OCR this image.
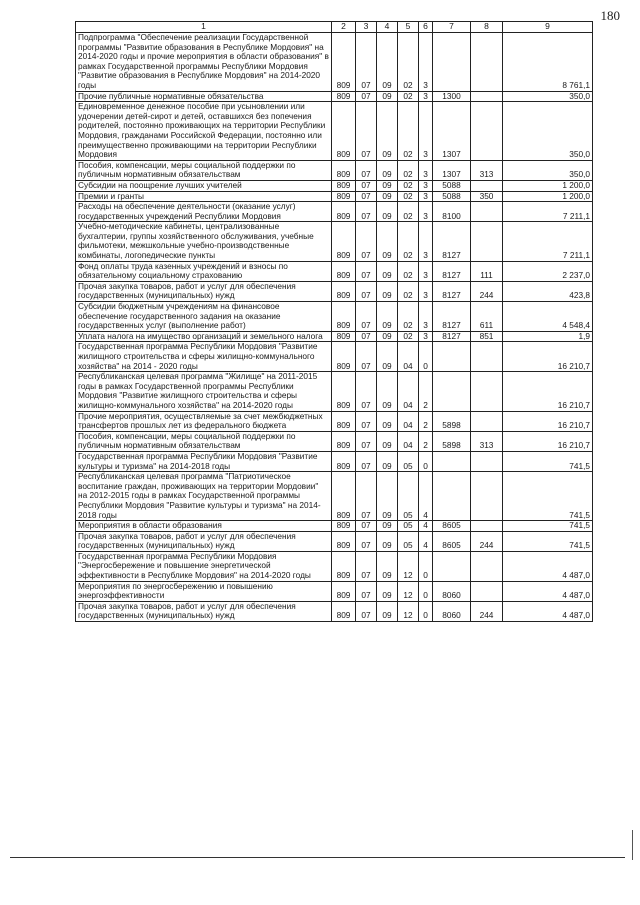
180
1	2	3	4	5	6	7	8	9
Подпрограмма "Обеспечение реализации Государственной программы "Развитие образования в Республике Мордовия" на 2014-2020 годы и прочие мероприятия в области образования" в рамках Государственной программы Республики Мордовия "Развитие образования в Республике Мордовия" на 2014-2020 годы	809	07	09	02	3			8 761,1
Прочие публичные нормативные обязательства	809	07	09	02	3	1300		350,0
Единовременное денежное пособие при усыновлении или удочерении детей-сирот и детей, оставшихся без попечения родителей, постоянно проживающих на территории Республики Мордовия, гражданами Российской Федерации, постоянно или преимущественно проживающими на территории Республики Мордовия	809	07	09	02	3	1307		350,0
Пособия, компенсации, меры социальной поддержки по публичным нормативным обязательствам	809	07	09	02	3	1307	313	350,0
Субсидии на поощрение лучших учителей	809	07	09	02	3	5088		1 200,0
Премии и гранты	809	07	09	02	3	5088	350	1 200,0
Расходы на обеспечение деятельности (оказание услуг) государственных учреждений Республики Мордовия	809	07	09	02	3	8100		7 211,1
Учебно-методические кабинеты, централизованные бухгалтерии, группы хозяйственного обслуживания, учебные фильмотеки, межшкольные учебно-производственные комбинаты, логопедические пункты	809	07	09	02	3	8127		7 211,1
Фонд оплаты труда казенных учреждений и взносы по обязательному социальному страхованию	809	07	09	02	3	8127	111	2 237,0
Прочая закупка товаров, работ и услуг для обеспечения государственных (муниципальных) нужд	809	07	09	02	3	8127	244	423,8
Субсидии бюджетным учреждениям на финансовое обеспечение государственного задания на оказание государственных услуг (выполнение работ)	809	07	09	02	3	8127	611	4 548,4
Уплата налога на имущество организаций и земельного налога	809	07	09	02	3	8127	851	1,9
Государственная программа Республики Мордовия "Развитие жилищного строительства и сферы жилищно-коммунального хозяйства" на 2014 - 2020 годы	809	07	09	04	0			16 210,7
Республиканская целевая программа "Жилище" на 2011-2015 годы в рамках Государственной программы Республики Мордовия "Развитие жилищного строительства и сферы жилищно-коммунального хозяйства" на 2014-2020 годы	809	07	09	04	2			16 210,7
Прочие мероприятия, осуществляемые за счет межбюджетных трансфертов прошлых лет из федерального бюджета	809	07	09	04	2	5898		16 210,7
Пособия, компенсации, меры социальной поддержки по публичным нормативным обязательствам	809	07	09	04	2	5898	313	16 210,7
Государственная программа Республики Мордовия "Развитие культуры и туризма" на 2014-2018 годы	809	07	09	05	0			741,5
Республиканская целевая программа "Патриотическое воспитание граждан, проживающих на территории Мордовии" на 2012-2015 годы в рамках Государственной программы Республики Мордовия "Развитие культуры и туризма" на 2014-2018 годы	809	07	09	05	4			741,5
Мероприятия в области образования	809	07	09	05	4	8605		741,5
Прочая закупка товаров, работ и услуг для обеспечения государственных (муниципальных) нужд	809	07	09	05	4	8605	244	741,5
Государственная программа Республики Мордовия "Энергосбережение и повышение энергетической эффективности в Республике Мордовия" на 2014-2020 годы	809	07	09	12	0			4 487,0
Мероприятия по энергосбережению и повышению энергоэффективности	809	07	09	12	0	8060		4 487,0
Прочая закупка товаров, работ и услуг для обеспечения государственных (муниципальных) нужд	809	07	09	12	0	8060	244	4 487,0
